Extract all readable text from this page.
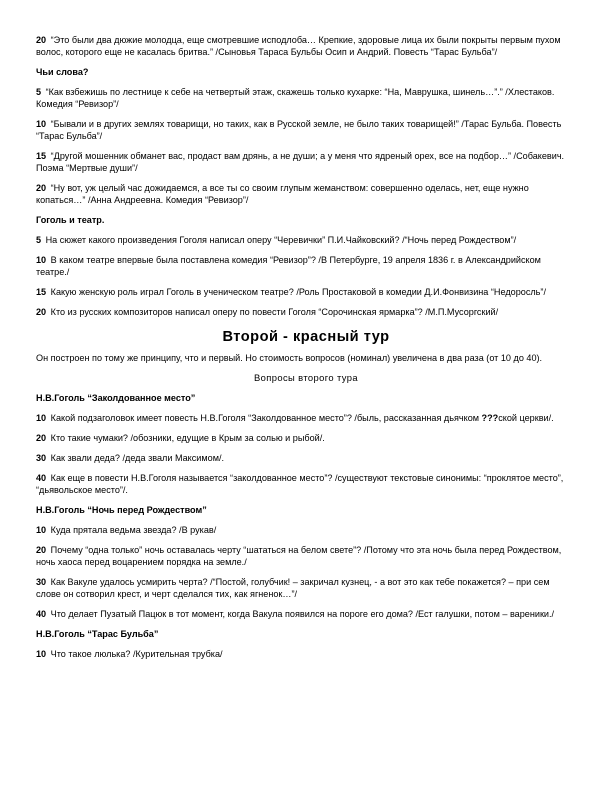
20 “Это были два дюжие молодца, еще смотревшие исподлоба… Крепкие, здоровые лица их были покрыты первым пухом волос, которого еще не касалась бритва.” /Сыновья Тараса Бульбы Осип и Андрий. Повесть “Тарас Бульба”/

Чьи слова?

5 “Как взбежишь по лестнице к себе на четвертый этаж, скажешь только кухарке: “На, Маврушка, шинель…”.” /Хлестаков. Комедия “Ревизор”/

10 “Бывали и в других землях товарищи, но таких, как в Русской земле, не было таких товарищей!” /Тарас Бульба. Повесть “Тарас Бульба”/

15 “Другой мошенник обманет вас, продаст вам дрянь, а не души; а у меня что ядреный орех, все на подбор…” /Собакевич. Поэма “Мертвые души”/

20 “Ну вот, уж целый час дожидаемся, а все ты со своим глупым жеманством: совершенно оделась, нет, еще нужно копаться…” /Анна Андреевна. Комедия “Ревизор”/

Гоголь и театр.

5 На сюжет какого произведения Гоголя написал оперу “Черевички” П.И.Чайковский? /“Ночь перед Рождеством”/

10 В каком театре впервые была поставлена комедия “Ревизор”? /В Петербурге, 19 апреля 1836 г. в Александрийском театре./

15 Какую женскую роль играл Гоголь в ученическом театре? /Роль Простаковой в комедии Д.И.Фонвизина “Недоросль”/

20 Кто из русских композиторов написал оперу по повести Гоголя “Сорочинская ярмарка”? /М.П.Мусоргский/

Второй - красный тур

Он построен по тому же принципу, что и первый. Но стоимость вопросов (номинал) увеличена в два раза (от 10 до 40).

Вопросы второго тура

Н.В.Гоголь “Заколдованное место”

10 Какой подзаголовок имеет повесть Н.В.Гоголя “Заколдованное место”? /быль, рассказанная дьячком ???ской церкви/.

20 Кто такие чумаки? /обозники, едущие в Крым за солью и рыбой/.

30 Как звали деда? /деда звали Максимом/.

40 Как еще в повести Н.В.Гоголя называется “заколдованное место”? /существуют текстовые синонимы: “проклятое место”, “дьявольское место”/.

Н.В.Гоголь “Ночь перед Рождеством”

10 Куда прятала ведьма звезда? /В рукав/

20 Почему “одна только” ночь оставалась черту “шататься на белом свете”? /Потому что эта ночь была перед Рождеством, ночь хаоса перед воцарением порядка на земле./

30 Как Вакуле удалось усмирить черта? /“Постой, голубчик! – закричал кузнец, - а вот это как тебе покажется? – при сем слове он сотворил крест, и черт сделался тих, как ягненок…”/

40 Что делает Пузатый Пацюк в тот момент, когда Вакула появился на пороге его дома? /Ест галушки, потом – вареники./

Н.В.Гоголь “Тарас Бульба”

10 Что такое люлька? /Курительная трубка/
